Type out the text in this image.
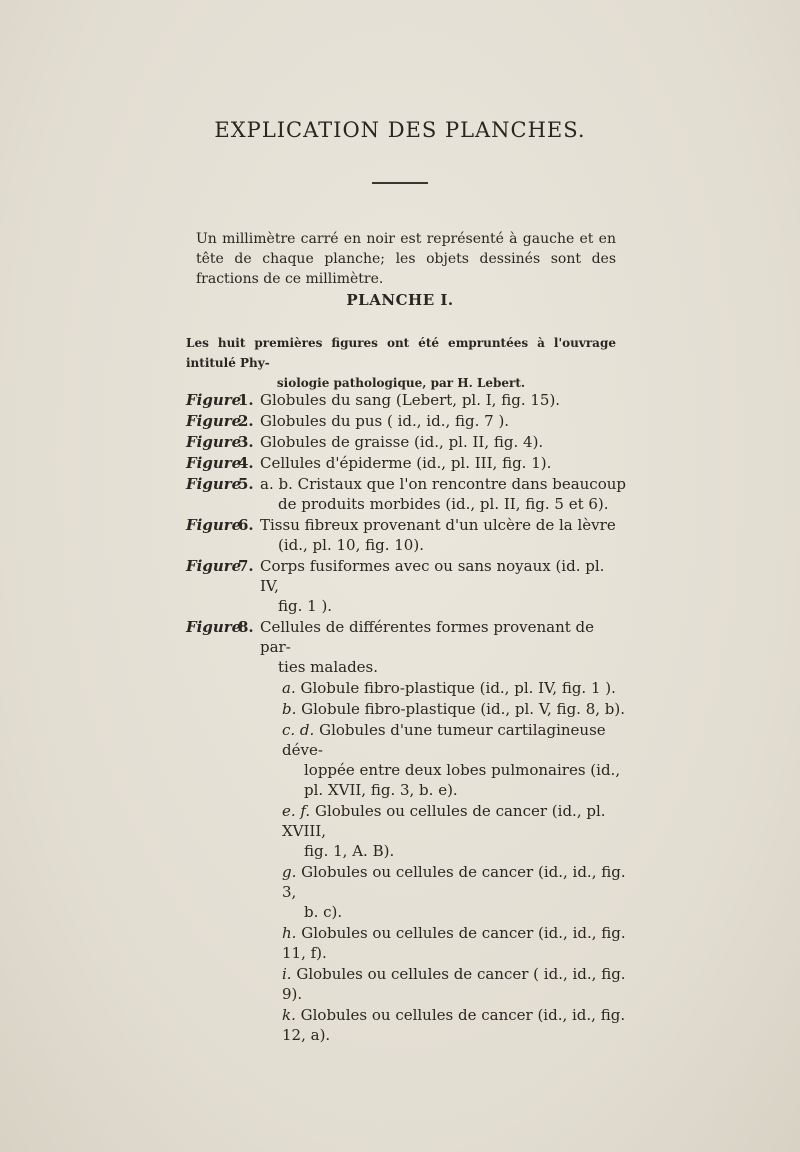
EXPLICATION DES PLANCHES.
Un millimètre carré en noir est représenté à gauche et en tête de chaque planche; les objets dessinés sont des fractions de ce millimètre.
PLANCHE I.
Les huit premières figures ont été empruntées à l'ouvrage intitulé Phy-
siologie pathologique, par H. Lebert.
Figure
1. Globules du sang (Lebert, pl. I, fig. 15).
Figure
2. Globules du pus ( id., id., fig. 7 ).
Figure
3. Globules de graisse (id., pl. II, fig. 4).
Figure
4. Cellules d'épiderme (id., pl. III, fig. 1).
Figure
5. a. b. Cristaux que l'on rencontre dans beaucoup
de produits morbides (id., pl. II, fig. 5 et 6).
Figure
6. Tissu fibreux provenant d'un ulcère de la lèvre
(id., pl. 10, fig. 10).
Figure
7. Corps fusiformes avec ou sans noyaux (id. pl. IV,
fig. 1 ).
Figure
8. Cellules de différentes formes provenant de par-
ties malades.
a. Globule fibro-plastique (id., pl. IV, fig. 1 ).
b. Globule fibro-plastique (id., pl. V, fig. 8, b).
c. d. Globules d'une tumeur cartilagineuse déve-
loppée entre deux lobes pulmonaires (id.,
pl. XVII, fig. 3, b. e).
e. f. Globules ou cellules de cancer (id., pl. XVIII,
fig. 1, A. B).
g. Globules ou cellules de cancer (id., id., fig. 3,
b. c).
h. Globules ou cellules de cancer (id., id., fig. 11, f).
i. Globules ou cellules de cancer ( id., id., fig. 9).
k. Globules ou cellules de cancer (id., id., fig. 12, a).
